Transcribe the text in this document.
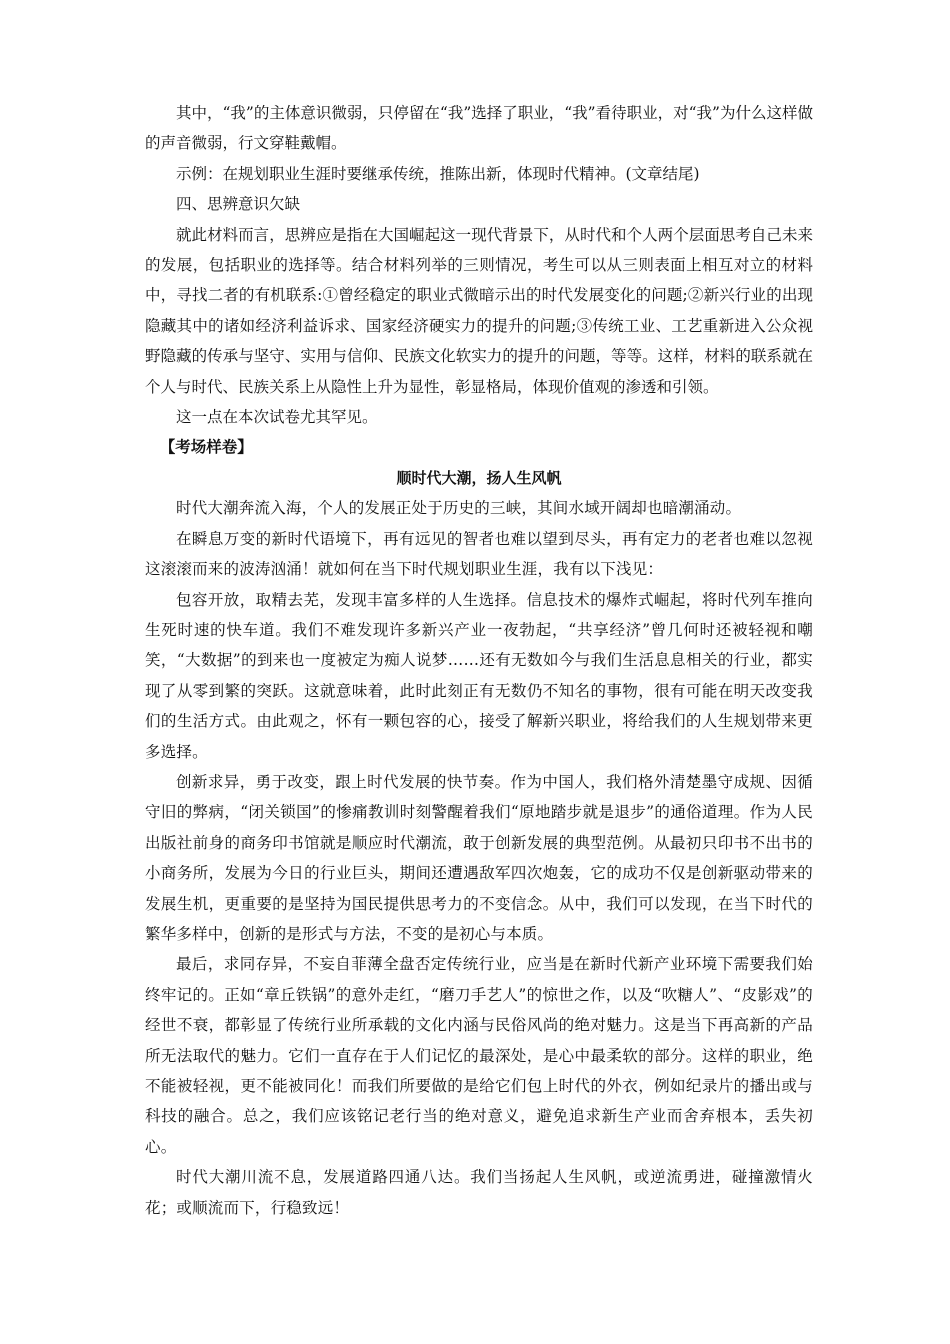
其中，“我”的主体意识微弱，只停留在“我”选择了职业，“我”看待职业，对“我”为什么这样做的声音微弱，行文穿鞋戴帽。

示例：在规划职业生涯时要继承传统，推陈出新，体现时代精神。(文章结尾)

四、思辨意识欠缺

就此材料而言，思辨应是指在大国崛起这一现代背景下，从时代和个人两个层面思考自己未来的发展，包括职业的选择等。结合材料列举的三则情况，考生可以从三则表面上相互对立的材料中，寻找二者的有机联系:①曾经稳定的职业式微暗示出的时代发展变化的问题;②新兴行业的出现隐藏其中的诸如经济利益诉求、国家经济硬实力的提升的问题;③传统工业、工艺重新进入公众视野隐藏的传承与坚守、实用与信仰、民族文化软实力的提升的问题，等等。这样，材料的联系就在个人与时代、民族关系上从隐性上升为显性，彰显格局，体现价值观的渗透和引领。

这一点在本次试卷尤其罕见。

【考场样卷】

顺时代大潮，扬人生风帆

时代大潮奔流入海，个人的发展正处于历史的三峡，其间水域开阔却也暗潮涌动。

在瞬息万变的新时代语境下，再有远见的智者也难以望到尽头，再有定力的老者也难以忽视这滚滚而来的波涛汹涌！就如何在当下时代规划职业生涯，我有以下浅见：

包容开放，取精去芜，发现丰富多样的人生选择。信息技术的爆炸式崛起，将时代列车推向生死时速的快车道。我们不难发现许多新兴产业一夜勃起，“共享经济”曾几何时还被轻视和嘲笑，“大数据”的到来也一度被定为痴人说梦……还有无数如今与我们生活息息相关的行业，都实现了从零到繁的突跃。这就意味着，此时此刻正有无数仍不知名的事物，很有可能在明天改变我们的生活方式。由此观之，怀有一颗包容的心，接受了解新兴职业，将给我们的人生规划带来更多选择。

创新求异，勇于改变，跟上时代发展的快节奏。作为中国人，我们格外清楚墨守成规、因循守旧的弊病，“闭关锁国”的惨痛教训时刻警醒着我们“原地踏步就是退步”的通俗道理。作为人民出版社前身的商务印书馆就是顺应时代潮流，敢于创新发展的典型范例。从最初只印书不出书的小商务所，发展为今日的行业巨头，期间还遭遇敌军四次炮轰，它的成功不仅是创新驱动带来的发展生机，更重要的是坚持为国民提供思考力的不变信念。从中，我们可以发现，在当下时代的繁华多样中，创新的是形式与方法，不变的是初心与本质。

最后，求同存异，不妄自菲薄全盘否定传统行业，应当是在新时代新产业环境下需要我们始终牢记的。正如“章丘铁锅”的意外走红，“磨刀手艺人”的惊世之作，以及“吹糖人”、“皮影戏”的经世不衰，都彰显了传统行业所承载的文化内涵与民俗风尚的绝对魅力。这是当下再高新的产品所无法取代的魅力。它们一直存在于人们记忆的最深处，是心中最柔软的部分。这样的职业，绝不能被轻视，更不能被同化！而我们所要做的是给它们包上时代的外衣，例如纪录片的播出或与科技的融合。总之，我们应该铭记老行当的绝对意义，避免追求新生产业而舍弃根本，丢失初心。

时代大潮川流不息，发展道路四通八达。我们当扬起人生风帆，或逆流勇进，碰撞激情火花；或顺流而下，行稳致远！
